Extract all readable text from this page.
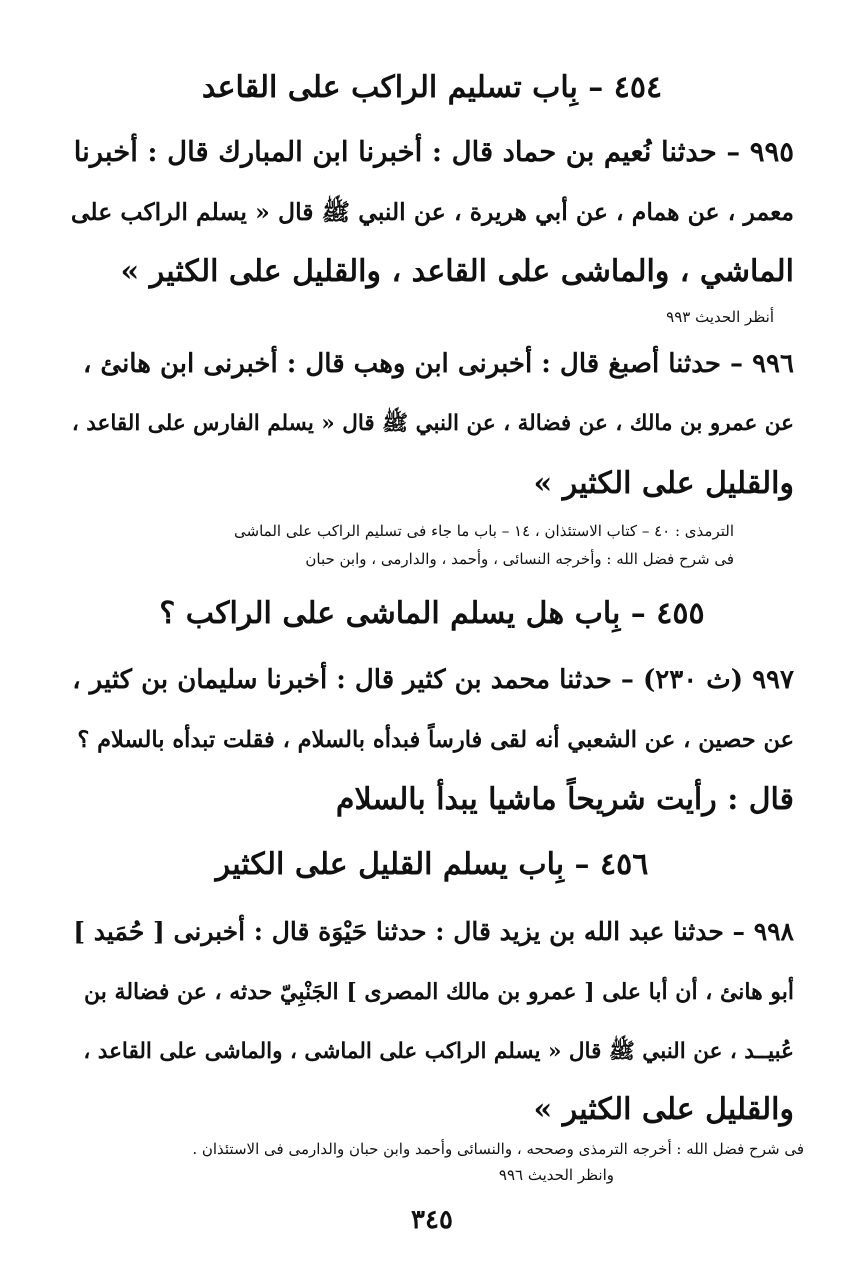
٤٥٤ – بِاب تسليم الراكب على القاعد
٩٩٥ – حدثنا نُعيم بن حماد قال : أخبرنا ابن المبارك قال : أخبرنا
معمر ، عن همام ، عن أبي هريرة ، عن النبي ﷺ قال « يسلم الراكب على
الماشي ، والماشى على القاعد ، والقليل على الكثير »
أنظر الحديث ٩٩٣
٩٩٦ – حدثنا أصبغ قال : أخبرنى ابن وهب قال : أخبرنى ابن هانئ ،
عن عمرو بن مالك ، عن فضالة ، عن النبي ﷺ قال « يسلم الفارس على القاعد ،
والقليل على الكثير »
الترمذى : ٤٠ – كتاب الاستئذان ، ١٤ – باب ما جاء فى تسليم الراكب على الماشى
فى شرح فضل الله : وأخرجه النسائى ، وأحمد ، والدارمى ، وابن حبان
٤٥٥ – بِاب هل يسلم الماشى على الراكب ؟
٩٩٧ (ث ٢٣٠) – حدثنا محمد بن كثير قال : أخبرنا سليمان بن كثير ،
عن حصين ، عن الشعبي أنه لقى فارساً فبدأه بالسلام ، فقلت تبدأه بالسلام ؟
قال : رأيت شريحاً ماشيا يبدأ بالسلام
٤٥٦ – بِاب يسلم القليل على الكثير
٩٩٨ – حدثنا عبد الله بن يزيد قال : حدثنا حَيْوَة قال : أخبرنى [ حُمَيد ]
أبو هانئ ، أن أبا على [ عمرو بن مالك المصرى ] الجَنْبِيّ حدثه ، عن فضالة بن
عُبيــد ، عن النبي ﷺ قال « يسلم الراكب على الماشى ، والماشى على القاعد ،
والقليل على الكثير »
فى شرح فضل الله : أخرجه الترمذى وصححه ، والنسائى وأحمد وابن حبان والدارمى فى الاستئذان .
وانظر الحديث ٩٩٦
٣٤٥
